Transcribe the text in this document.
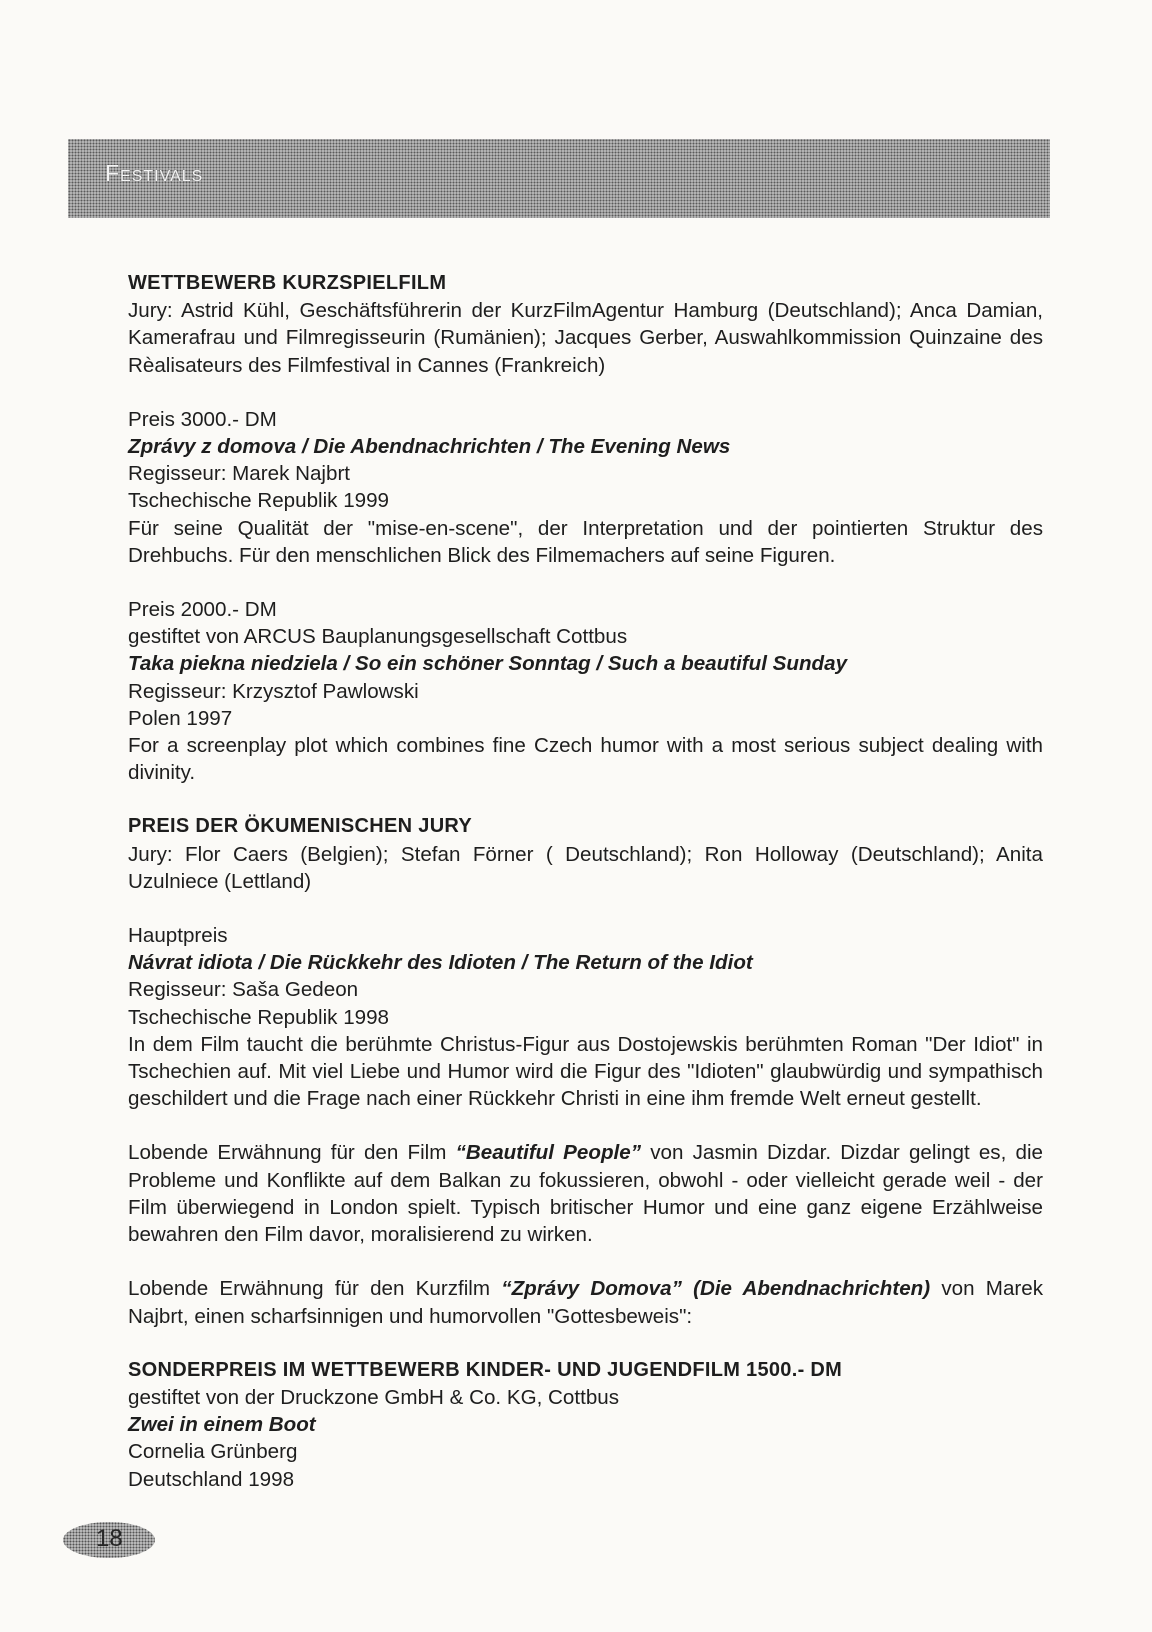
Festivals

WETTBEWERB KURZSPIELFILM

Jury: Astrid Kühl, Geschäftsführerin der KurzFilmAgentur Hamburg (Deutschland); Anca Damian, Kamerafrau und Filmregisseurin (Rumänien); Jacques Gerber, Auswahlkommission Quinzaine des Rèalisateurs des Filmfestival in Cannes (Frankreich)

Preis 3000.- DM

Zprávy z domova / Die Abendnachrichten / The Evening News

Regisseur: Marek Najbrt

Tschechische Republik 1999

Für seine Qualität der "mise-en-scene", der Interpretation und der pointierten Struktur des Drehbuchs. Für den menschlichen Blick des Filmemachers auf seine Figuren.

Preis 2000.- DM

gestiftet von ARCUS Bauplanungsgesellschaft Cottbus

Taka piekna niedziela / So ein schöner Sonntag / Such a beautiful Sunday

Regisseur: Krzysztof Pawlowski

Polen 1997

For a screenplay plot which combines fine Czech humor with a most serious subject dealing with divinity.

PREIS DER ÖKUMENISCHEN JURY

Jury: Flor Caers (Belgien); Stefan Förner ( Deutschland); Ron Holloway (Deutschland); Anita Uzulniece (Lettland)

Hauptpreis

Návrat idiota / Die Rückkehr des Idioten / The Return of the Idiot

Regisseur: Saša Gedeon

Tschechische Republik 1998

In dem Film taucht die berühmte Christus-Figur aus Dostojewskis berühmten Roman "Der Idiot" in Tschechien auf. Mit viel Liebe und Humor wird die Figur des "Idioten" glaubwürdig und sympathisch geschildert und die Frage nach einer Rückkehr Christi in eine ihm fremde Welt erneut gestellt.

Lobende Erwähnung für den Film “Beautiful People” von Jasmin Dizdar. Dizdar gelingt es, die Probleme und Konflikte auf dem Balkan zu fokussieren, obwohl - oder vielleicht gerade weil - der Film überwiegend in London spielt. Typisch britischer Humor und eine ganz eigene Erzählweise bewahren den Film davor, moralisierend zu wirken.

Lobende Erwähnung für den Kurzfilm “Zprávy Domova” (Die Abendnachrichten) von Marek Najbrt, einen scharfsinnigen und humorvollen "Gottesbeweis":

SONDERPREIS IM WETTBEWERB KINDER- UND JUGENDFILM 1500.- DM

gestiftet von der Druckzone GmbH & Co. KG, Cottbus

Zwei in einem Boot

Cornelia Grünberg

Deutschland 1998

18
